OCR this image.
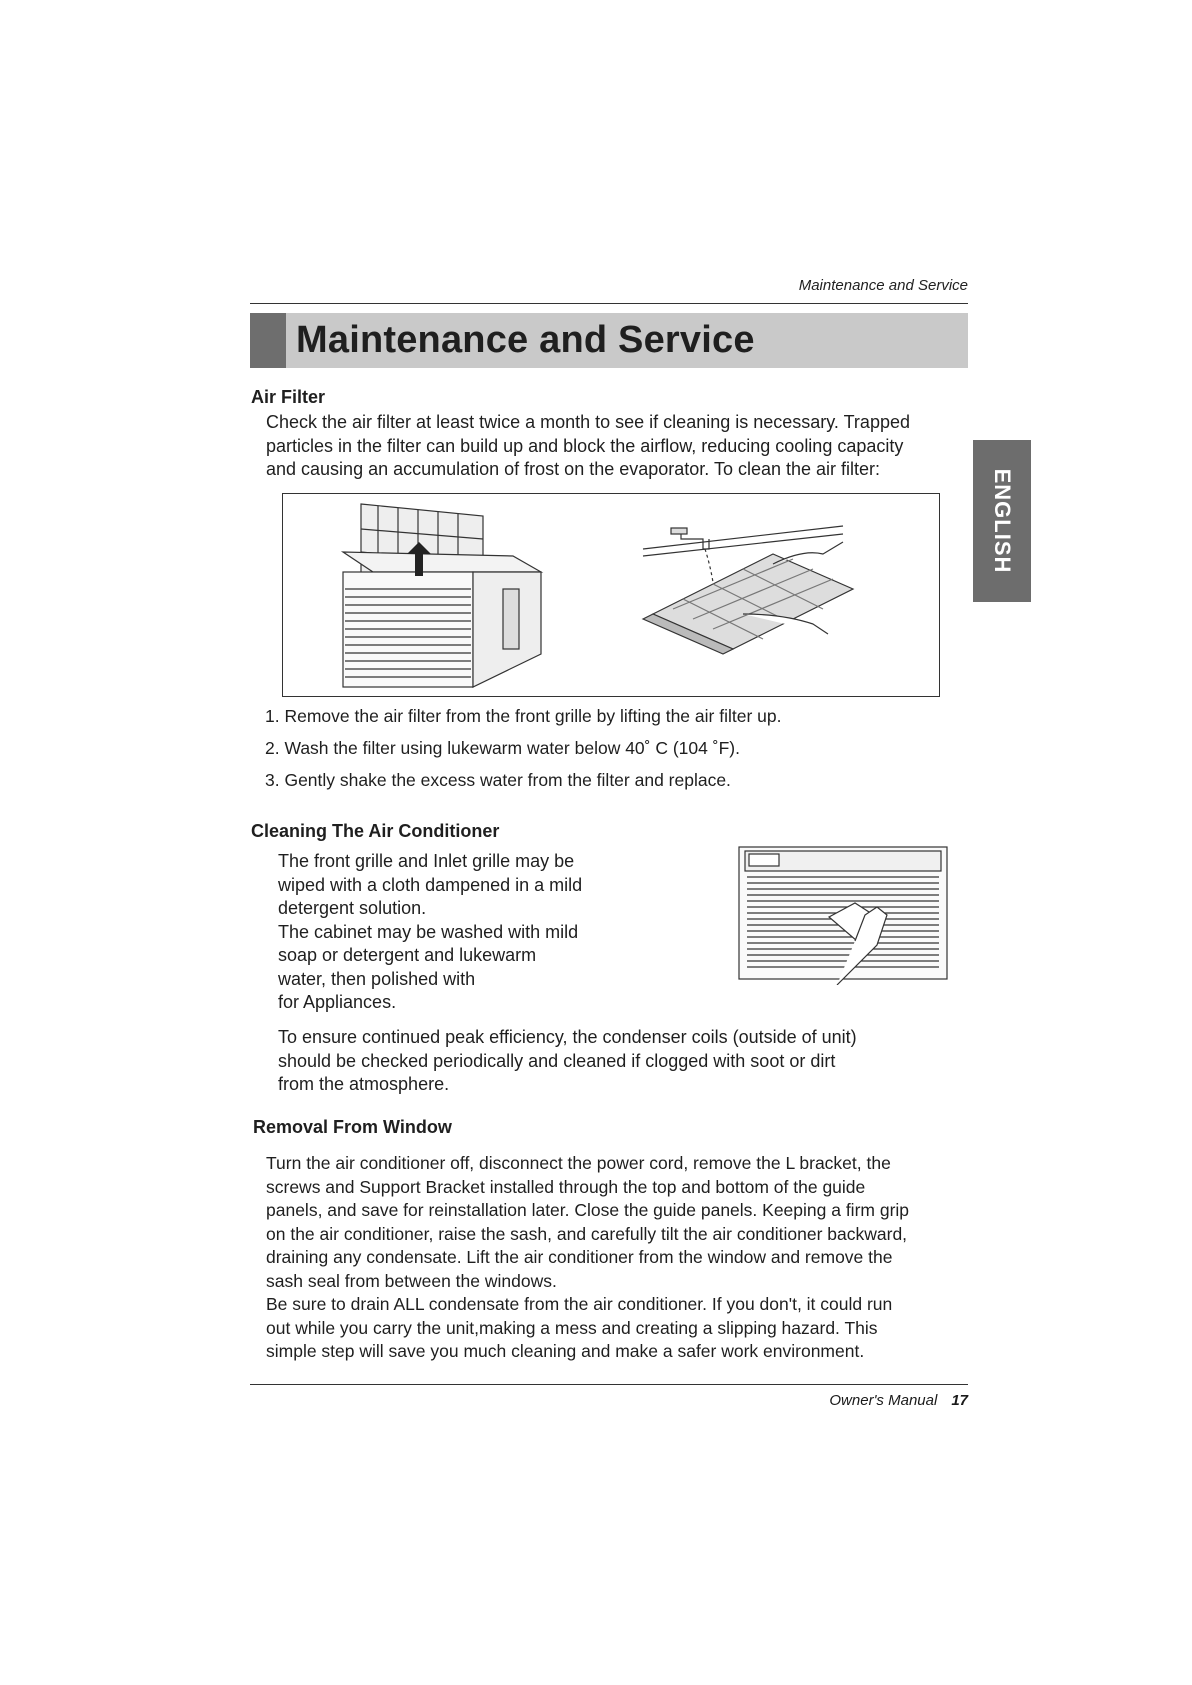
Maintenance and Service
Maintenance and Service
ENGLISH
Air Filter
Check the air filter at least twice a month to see if cleaning is necessary. Trapped
particles in the filter can build up and block the airflow, reducing cooling capacity
and causing an accumulation of frost on the evaporator. To clean the air filter:
1. Remove the air filter from the front grille by lifting the air filter up.
2. Wash the filter using lukewarm water below 40˚ C (104 ˚F).
3. Gently shake the excess water from the filter and replace.
Cleaning The Air Conditioner
The front grille and Inlet grille may be
wiped with a cloth dampened in a mild
detergent solution.
The cabinet may be washed with mild
soap or detergent and lukewarm
water, then polished with
for Appliances.
To ensure continued peak efficiency, the condenser coils (outside of unit)
should be checked periodically and cleaned if clogged with soot or dirt
from the atmosphere.
Removal From Window
Turn the air conditioner off, disconnect the power cord, remove the L bracket, the
screws and Support Bracket installed through the top and bottom of the guide
panels, and save for reinstallation later. Close the guide panels. Keeping a firm grip
on the air conditioner, raise the sash, and carefully tilt the air conditioner backward,
draining any condensate. Lift the air conditioner from the window and remove the
sash seal from between the windows.
Be sure to drain ALL condensate from the air conditioner. If you don't, it could run
out while you carry the unit,making a mess and creating a slipping hazard. This
simple step will save you much cleaning and make a safer work environment.
Owner's Manual 17
